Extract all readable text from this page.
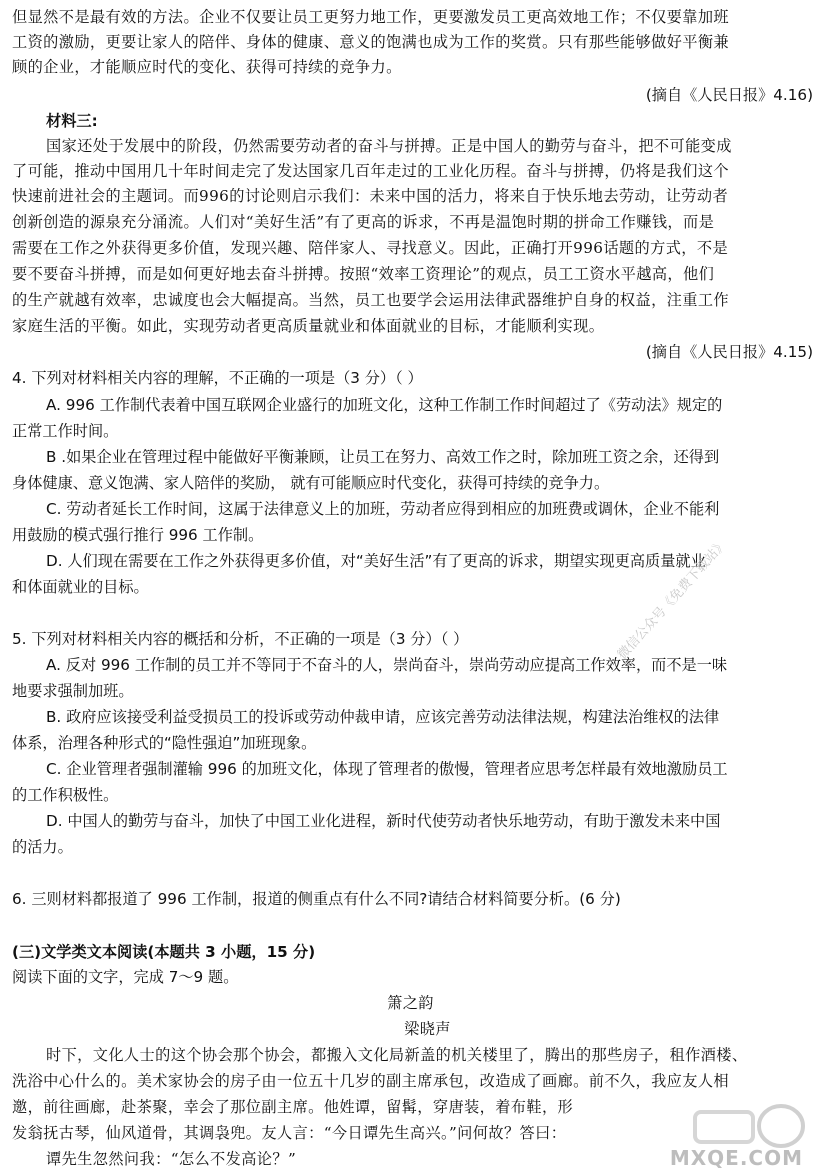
但显然不是最有效的方法。企业不仅要让员工更努力地工作，更要激发员工更高效地工作；不仅要靠加班
工资的激励，更要让家人的陪伴、身体的健康、意义的饱满也成为工作的奖赏。只有那些能够做好平衡兼
顾的企业，才能顺应时代的变化、获得可持续的竞争力。
(摘自《人民日报》4.16)
材料三:
国家还处于发展中的阶段，仍然需要劳动者的奋斗与拼搏。正是中国人的勤劳与奋斗，把不可能变成
了可能，推动中国用几十年时间走完了发达国家几百年走过的工业化历程。奋斗与拼搏，仍将是我们这个
快速前进社会的主题词。而996的讨论则启示我们：未来中国的活力，将来自于快乐地去劳动，让劳动者
创新创造的源泉充分涌流。人们对“美好生活”有了更高的诉求，不再是温饱时期的拼命工作赚钱，而是
需要在工作之外获得更多价值，发现兴趣、陪伴家人、寻找意义。因此，正确打开996话题的方式，不是
要不要奋斗拼搏，而是如何更好地去奋斗拼搏。按照“效率工资理论”的观点，员工工资水平越高，他们
的生产就越有效率，忠诚度也会大幅提高。当然，员工也要学会运用法律武器维护自身的权益，注重工作
家庭生活的平衡。如此，实现劳动者更高质量就业和体面就业的目标，才能顺利实现。
(摘自《人民日报》4.15)
4. 下列对材料相关内容的理解，不正确的一项是（3 分）（ ）
A. 996 工作制代表着中国互联网企业盛行的加班文化，这种工作制工作时间超过了《劳动法》规定的
正常工作时间。
B .如果企业在管理过程中能做好平衡兼顾，让员工在努力、高效工作之时，除加班工资之余，还得到
身体健康、意义饱满、家人陪伴的奖励， 就有可能顺应时代变化，获得可持续的竞争力。
C. 劳动者延长工作时间，这属于法律意义上的加班，劳动者应得到相应的加班费或调休，企业不能利
用鼓励的模式强行推行 996 工作制。
D. 人们现在需要在工作之外获得更多价值，对“美好生活”有了更高的诉求，期望实现更高质量就业
和体面就业的目标。
5. 下列对材料相关内容的概括和分析，不正确的一项是（3 分）（ ）
A. 反对 996 工作制的员工并不等同于不奋斗的人，崇尚奋斗，崇尚劳动应提高工作效率，而不是一味
地要求强制加班。
B. 政府应该接受利益受损员工的投诉或劳动仲裁申请，应该完善劳动法律法规，构建法治维权的法律
体系，治理各种形式的“隐性强迫”加班现象。
C. 企业管理者强制灌输 996 的加班文化，体现了管理者的傲慢，管理者应思考怎样最有效地激励员工
的工作积极性。
D. 中国人的勤劳与奋斗，加快了中国工业化进程，新时代使劳动者快乐地劳动，有助于激发未来中国
的活力。
6. 三则材料都报道了 996 工作制，报道的侧重点有什么不同?请结合材料简要分析。(6 分)
(三)文学类文本阅读(本题共 3 小题，15 分)
阅读下面的文字，完成 7～9 题。
箫之韵
梁晓声
时下，文化人士的这个协会那个协会，都搬入文化局新盖的机关楼里了，腾出的那些房子，租作酒楼、
洗浴中心什么的。美术家协会的房子由一位五十几岁的副主席承包，改造成了画廊。前不久，我应友人相
邀，前往画廊，赴茶聚，幸会了那位副主席。他姓谭，留髯，穿唐装，着布鞋，形
发翁抚古琴，仙风道骨，其调袅兜。友人言：“今日谭先生高兴。”问何故？答曰：
谭先生忽然问我：“怎么不发高论？”
微信公众号《免费下载站》
MXQE.COM
